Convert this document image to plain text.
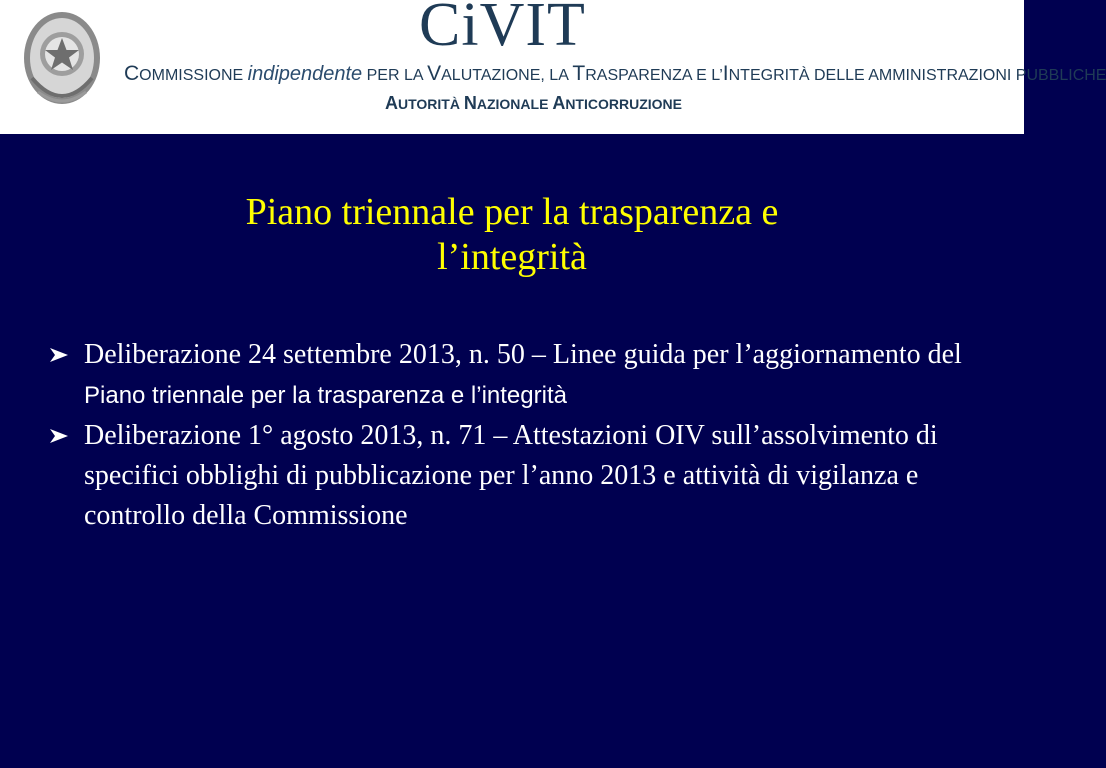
CiVIT
COMMISSIONE indipendente PER LA VALUTAZIONE, LA TRASPARENZA E L’INTEGRITÀ DELLE AMMINISTRAZIONI PUBBLICHE
AUTORITÀ NAZIONALE ANTICORRUZIONE
Piano triennale per la trasparenza e
l’integrità
Deliberazione 24 settembre 2013, n. 50 – Linee guida per l’aggiornamento del Piano triennale per la trasparenza e l’integrità
Deliberazione 1° agosto 2013, n. 71 – Attestazioni OIV sull’assolvimento di specifici obblighi di pubblicazione per l’anno 2013 e attività di vigilanza e controllo della Commissione
